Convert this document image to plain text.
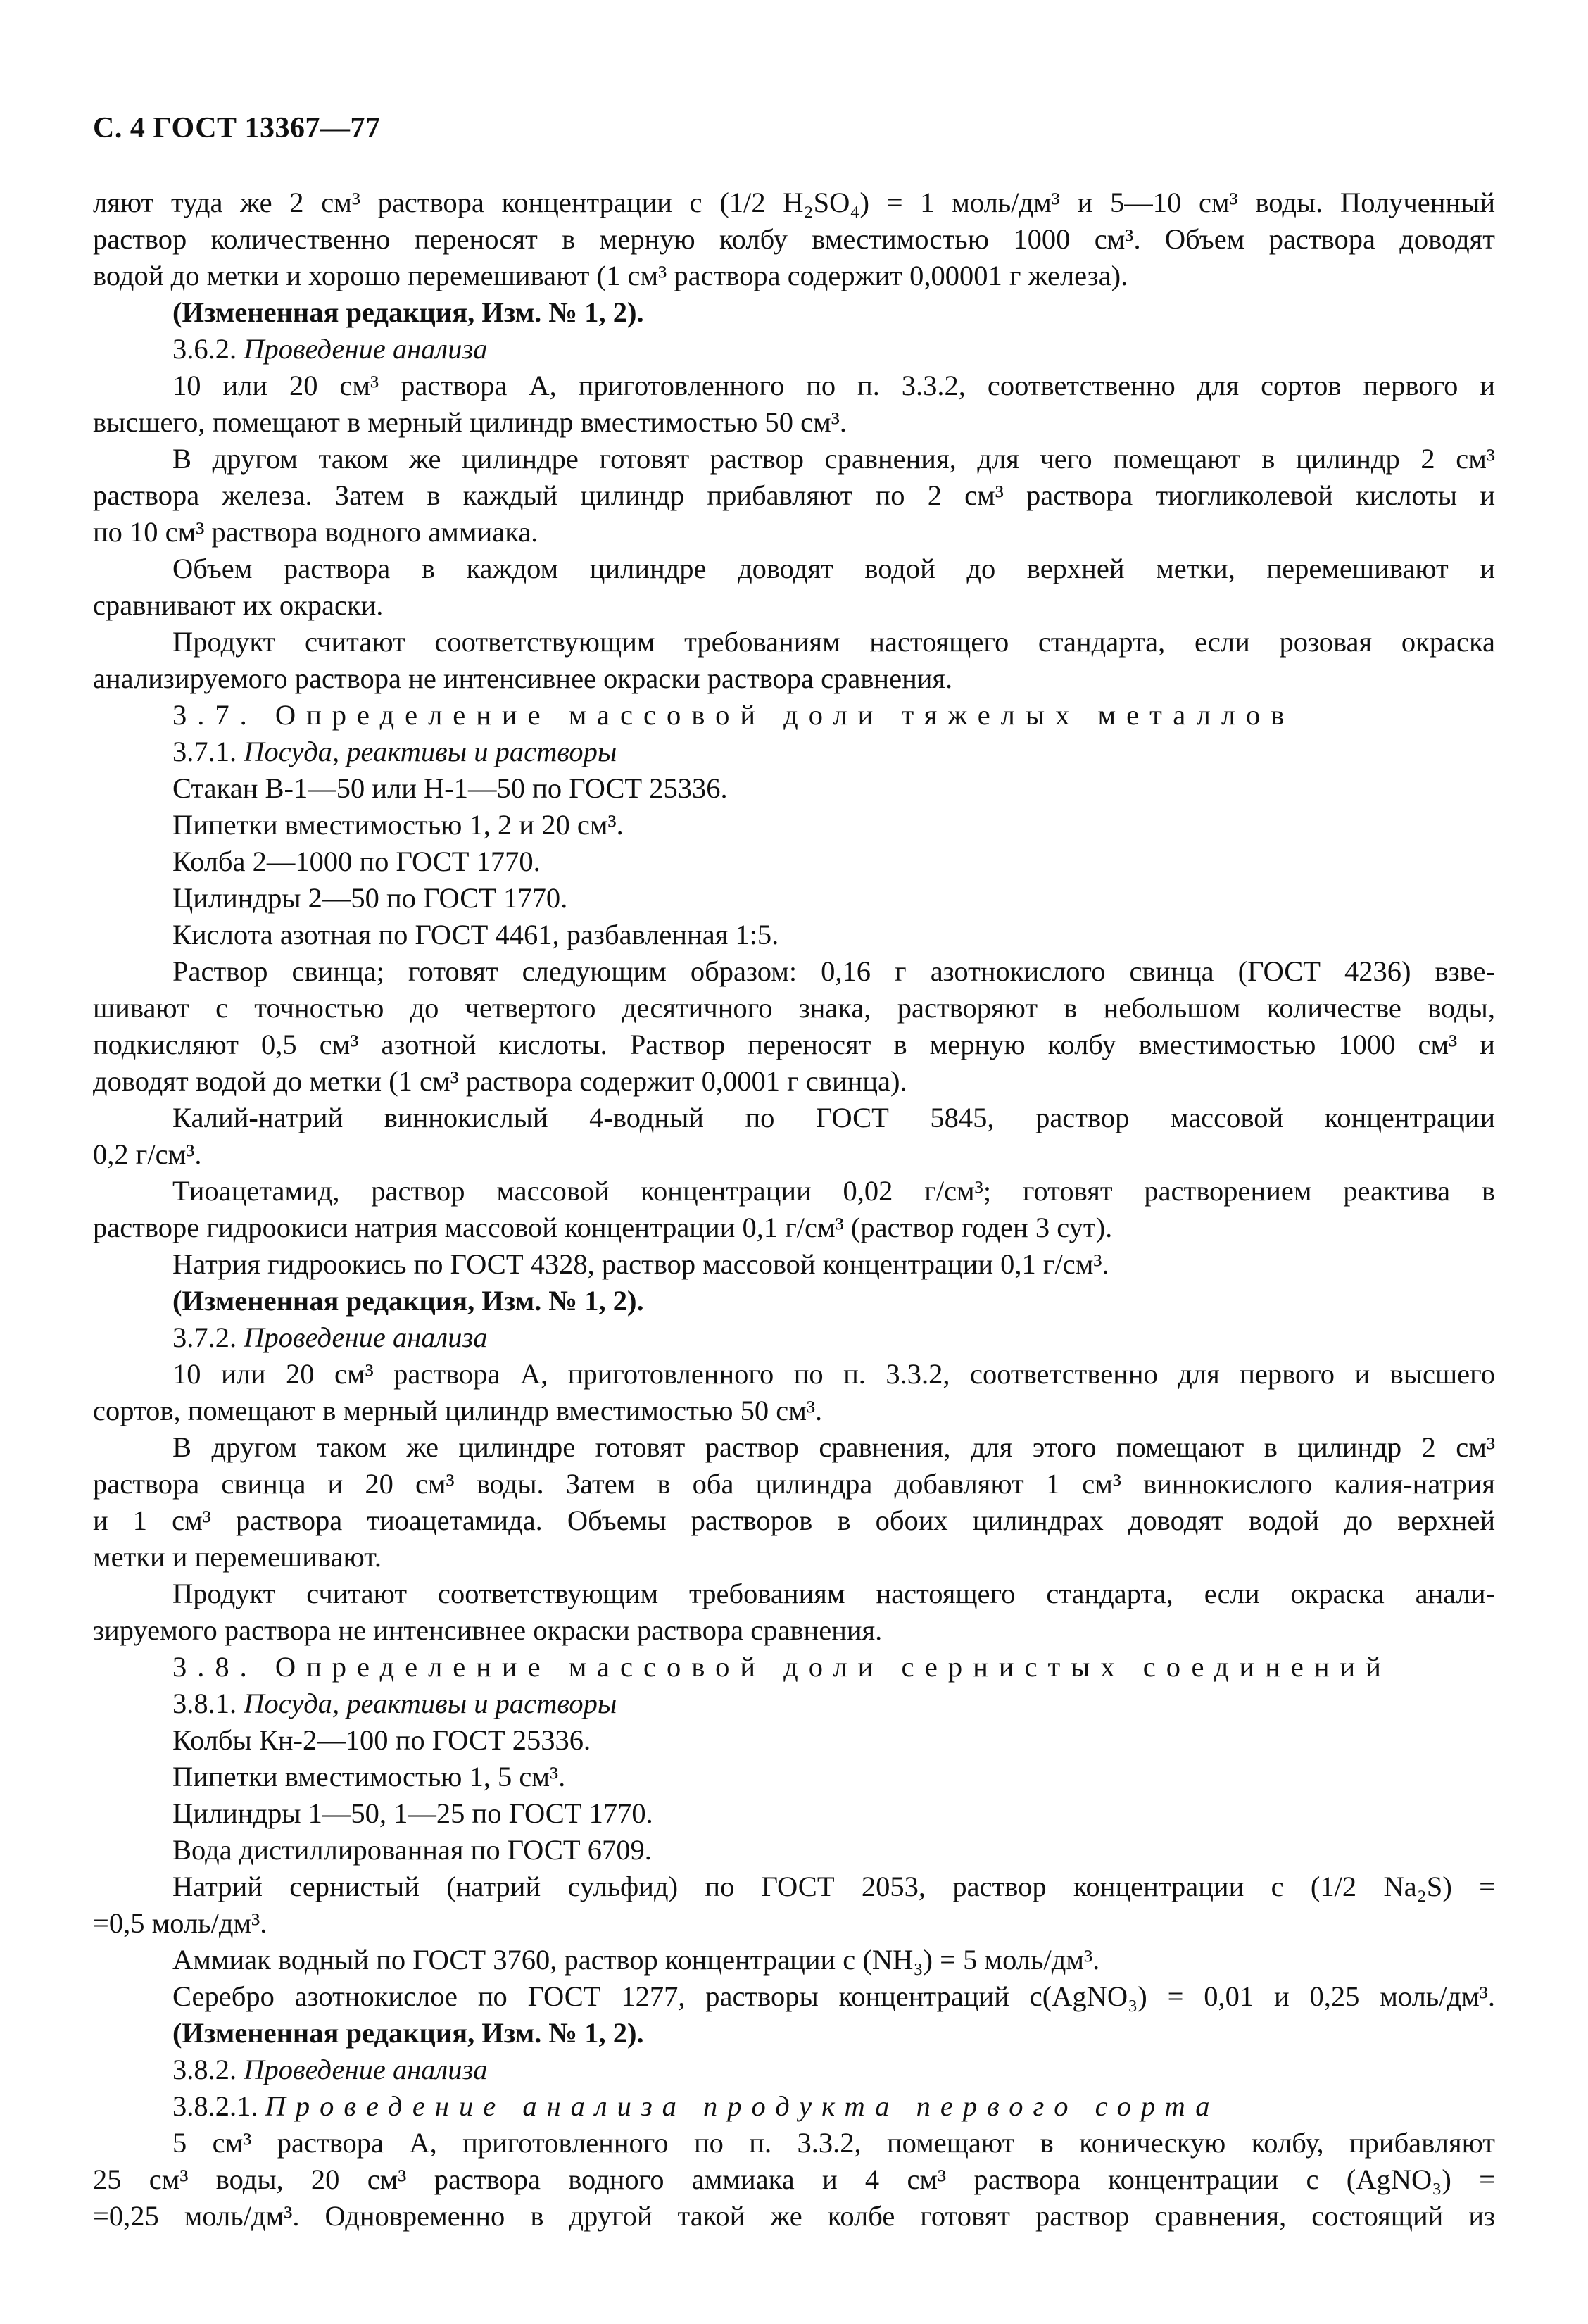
С. 4 ГОСТ 13367—77
ляют туда же 2 см³ раствора концентрации с (1/2 H₂SO₄) = 1 моль/дм³ и 5—10 см³ воды. Полученный
раствор количественно переносят в мерную колбу вместимостью 1000 см³. Объем раствора доводят
водой до метки и хорошо перемешивают (1 см³ раствора содержит 0,00001 г железа).
(Измененная редакция, Изм. № 1, 2).
3.6.2. Проведение анализа
10 или 20 см³ раствора А, приготовленного по п. 3.3.2, соответственно для сортов первого и
высшего, помещают в мерный цилиндр вместимостью 50 см³.
В другом таком же цилиндре готовят раствор сравнения, для чего помещают в цилиндр 2 см³
раствора железа. Затем в каждый цилиндр прибавляют по 2 см³ раствора тиогликолевой кислоты и
по 10 см³ раствора водного аммиака.
Объем раствора в каждом цилиндре доводят водой до верхней метки, перемешивают и
сравнивают их окраски.
Продукт считают соответствующим требованиям настоящего стандарта, если розовая окраска
анализируемого раствора не интенсивнее окраски раствора сравнения.
3.7. Определение массовой доли тяжелых металлов
3.7.1. Посуда, реактивы и растворы
Стакан В-1—50 или Н-1—50 по ГОСТ 25336.
Пипетки вместимостью 1, 2 и 20 см³.
Колба 2—1000 по ГОСТ 1770.
Цилиндры 2—50 по ГОСТ 1770.
Кислота азотная по ГОСТ 4461, разбавленная 1:5.
Раствор свинца; готовят следующим образом: 0,16 г азотнокислого свинца (ГОСТ 4236) взве-
шивают с точностью до четвертого десятичного знака, растворяют в небольшом количестве воды,
подкисляют 0,5 см³ азотной кислоты. Раствор переносят в мерную колбу вместимостью 1000 см³ и
доводят водой до метки (1 см³ раствора содержит 0,0001 г свинца).
Калий-натрий виннокислый 4-водный по ГОСТ 5845, раствор массовой концентрации
0,2 г/см³.
Тиоацетамид, раствор массовой концентрации 0,02 г/см³; готовят растворением реактива в
растворе гидроокиси натрия массовой концентрации 0,1 г/см³ (раствор годен 3 сут).
Натрия гидроокись по ГОСТ 4328, раствор массовой концентрации 0,1 г/см³.
(Измененная редакция, Изм. № 1, 2).
3.7.2. Проведение анализа
10 или 20 см³ раствора А, приготовленного по п. 3.3.2, соответственно для первого и высшего
сортов, помещают в мерный цилиндр вместимостью 50 см³.
В другом таком же цилиндре готовят раствор сравнения, для этого помещают в цилиндр 2 см³
раствора свинца и 20 см³ воды. Затем в оба цилиндра добавляют 1 см³ виннокислого калия-натрия
и 1 см³ раствора тиоацетамида. Объемы растворов в обоих цилиндрах доводят водой до верхней
метки и перемешивают.
Продукт считают соответствующим требованиям настоящего стандарта, если окраска анали-
зируемого раствора не интенсивнее окраски раствора сравнения.
3.8. Определение массовой доли сернистых соединений
3.8.1. Посуда, реактивы и растворы
Колбы Кн-2—100 по ГОСТ 25336.
Пипетки вместимостью 1, 5 см³.
Цилиндры 1—50, 1—25 по ГОСТ 1770.
Вода дистиллированная по ГОСТ 6709.
Натрий сернистый (натрий сульфид) по ГОСТ 2053, раствор концентрации с (1/2 Na₂S) =
=0,5 моль/дм³.
Аммиак водный по ГОСТ 3760, раствор концентрации с (NH₃) = 5 моль/дм³.
Серебро азотнокислое по ГОСТ 1277, растворы концентраций с(AgNO₃) = 0,01 и 0,25 моль/дм³.
(Измененная редакция, Изм. № 1, 2).
3.8.2. Проведение анализа
3.8.2.1. Проведение анализа продукта первого сорта
5 см³ раствора А, приготовленного по п. 3.3.2, помещают в коническую колбу, прибавляют
25 см³ воды, 20 см³ раствора водного аммиака и 4 см³ раствора концентрации с (AgNO₃) =
=0,25 моль/дм³. Одновременно в другой такой же колбе готовят раствор сравнения, состоящий из
